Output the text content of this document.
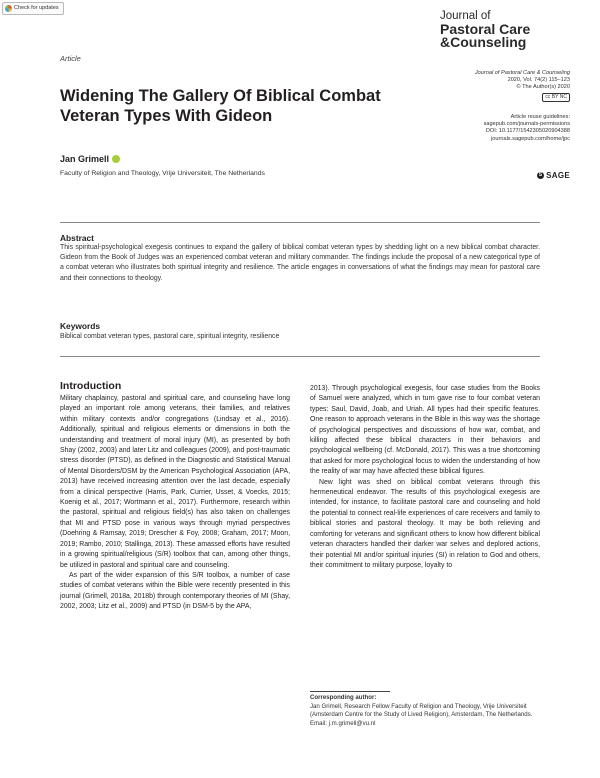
Check for updates
Article
Journal of
Pastoral Care
&Counseling
Journal of Pastoral Care & Counseling
2020, Vol. 74(2) 115–123
© The Author(s) 2020
cc BY NC
Article reuse guidelines:
sagepub.com/journals-permissions
DOI: 10.1177/1542305020904388
journals.sagepub.com/home/jpc
S SAGE
Widening The Gallery Of Biblical Combat Veteran Types With Gideon
Jan Grimell
Faculty of Religion and Theology, Vrije Universiteit, The Netherlands
Abstract
This spiritual-psychological exegesis continues to expand the gallery of biblical combat veteran types by shedding light on a new biblical combat character. Gideon from the Book of Judges was an experienced combat veteran and military commander. The findings include the proposal of a new categorical type of a combat veteran who illustrates both spiritual integrity and resilience. The article engages in conversations of what the findings may mean for pastoral care and their connections to theology.
Keywords
Biblical combat veteran types, pastoral care, spiritual integrity, resilience
Introduction

Military chaplaincy, pastoral and spiritual care, and counseling have long played an important role among veterans, their families, and relatives within military contexts and/or congregations (Lindsay et al., 2016). Additionally, spiritual and religious elements or dimensions in both the understanding and treatment of moral injury (MI), as presented by both Shay (2002, 2003) and later Litz and colleagues (2009), and post-traumatic stress disorder (PTSD), as defined in the Diagnostic and Statistical Manual of Mental Disorders/DSM by the American Psychological Association (APA, 2013) have received increasing attention over the last decade, especially from a clinical perspective (Harris, Park, Currier, Usset, & Voecks, 2015; Koenig et al., 2017; Wortmann et al., 2017). Furthermore, research within the pastoral, spiritual and religious field(s) has also taken on challenges that MI and PTSD pose in various ways through myriad perspectives (Doehring & Ramsay, 2019; Drescher & Foy, 2008; Graham, 2017; Moon, 2019; Rambo, 2010; Stallinga, 2013). These amassed efforts have resulted in a growing spiritual/religious (S/R) toolbox that can, among other things, be utilized in pastoral and spiritual care and counseling.

As part of the wider expansion of this S/R toolbox, a number of case studies of combat veterans within the Bible were recently presented in this journal (Grimell, 2018a, 2018b) through contemporary theories of MI (Shay, 2002, 2003; Litz et al., 2009) and PTSD (in DSM-5 by the APA,

2013). Through psychological exegesis, four case studies from the Books of Samuel were analyzed, which in turn gave rise to four combat veteran types: Saul, David, Joab, and Uriah. All types had their specific features. One reason to approach veterans in the Bible in this way was the shortage of psychological perspectives and discussions of how war, combat, and killing affected these biblical characters in their behaviors and psychological wellbeing (cf. McDonald, 2017). This was a true shortcoming that asked for more psychological focus to widen the understanding of how the reality of war may have affected these biblical figures.

New light was shed on biblical combat veterans through this hermeneutical endeavor. The results of this psychological exegesis are intended, for instance, to facilitate pastoral care and counseling and hold the potential to connect real-life experiences of care receivers and family to biblical stories and pastoral theology. It may be both relieving and comforting for veterans and significant others to know how different biblical veteran characters handled their darker war selves and deplored actions, their potential MI and/or spiritual injuries (SI) in relation to God and others, their commitment to military purpose, loyalty to

Corresponding author:
Jan Grimell, Research Fellow Faculty of Religion and Theology, Vrije Universiteit (Amsterdam Centre for the Study of Lived Religion), Amsterdam, The Netherlands.
Email: j.m.grimell@vu.nl
